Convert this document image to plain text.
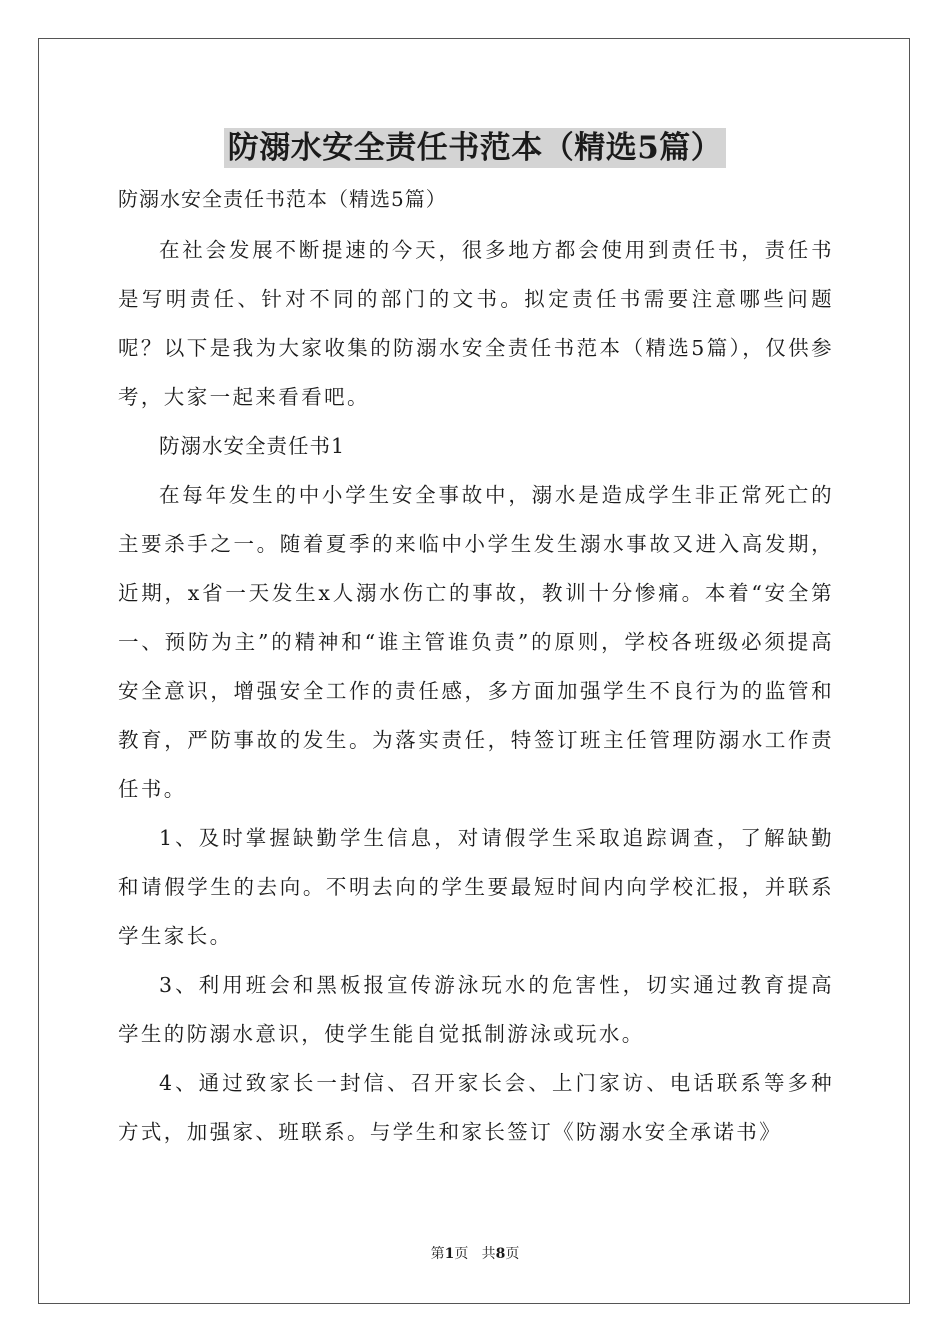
防溺水安全责任书范本（精选5篇）
防溺水安全责任书范本（精选5篇）

在社会发展不断提速的今天，很多地方都会使用到责任书，责任书是写明责任、针对不同的部门的文书。拟定责任书需要注意哪些问题呢？以下是我为大家收集的防溺水安全责任书范本（精选5篇），仅供参考，大家一起来看看吧。

防溺水安全责任书1

在每年发生的中小学生安全事故中，溺水是造成学生非正常死亡的主要杀手之一。随着夏季的来临中小学生发生溺水事故又进入高发期，近期，x省一天发生x人溺水伤亡的事故，教训十分惨痛。本着“安全第一、预防为主”的精神和“谁主管谁负责”的原则，学校各班级必须提高安全意识，增强安全工作的责任感，多方面加强学生不良行为的监管和教育，严防事故的发生。为落实责任，特签订班主任管理防溺水工作责任书。

1、及时掌握缺勤学生信息，对请假学生采取追踪调查，了解缺勤和请假学生的去向。不明去向的学生要最短时间内向学校汇报，并联系学生家长。

3、利用班会和黑板报宣传游泳玩水的危害性，切实通过教育提高学生的防溺水意识，使学生能自觉抵制游泳或玩水。

4、通过致家长一封信、召开家长会、上门家访、电话联系等多种方式，加强家、班联系。与学生和家长签订《防溺水安全承诺书》

第1页 共8页
